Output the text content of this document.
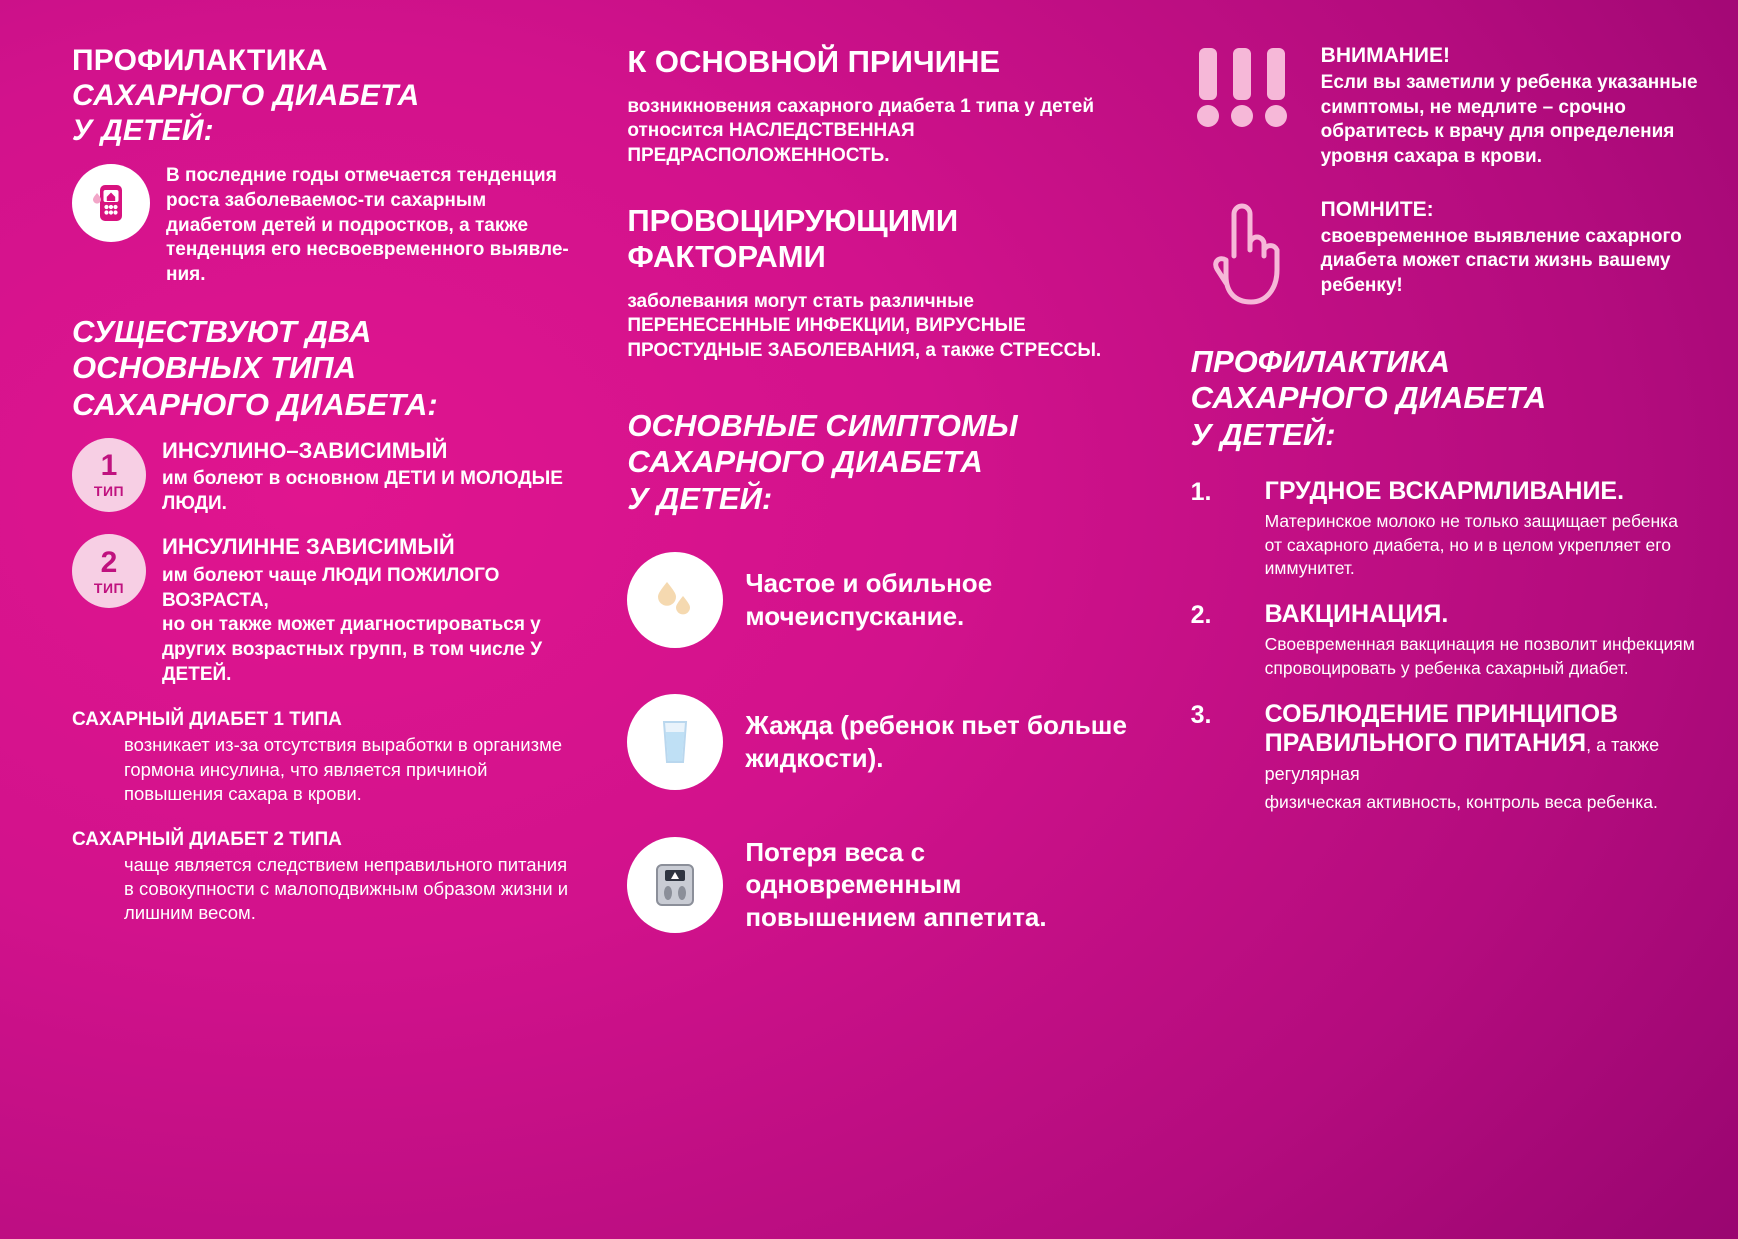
ПРОФИЛАКТИКА
САХАРНОГО ДИАБЕТА
У ДЕТЕЙ:

В последние годы отмечается тенденция роста заболеваемос-ти сахарным диабетом детей и подростков, а также тенденция его несвоевременного выявле-ния.

СУЩЕСТВУЮТ ДВА
ОСНОВНЫХ ТИПА
САХАРНОГО ДИАБЕТА:
1
ТИП
ИНСУЛИНО–ЗАВИСИМЫЙ

им болеют в основном ДЕТИ И МОЛОДЫЕ ЛЮДИ.

2
ТИП
ИНСУЛИННЕ ЗАВИСИМЫЙ

им болеют чаще ЛЮДИ ПОЖИЛОГО ВОЗРАСТА,

но он также может диагностироваться у других возрастных групп, в том числе У ДЕТЕЙ.

САХАРНЫЙ ДИАБЕТ 1 ТИПА

возникает из-за отсутствия выработки в организме гормона инсулина, что является причиной повышения сахара в крови.

САХАРНЫЙ ДИАБЕТ 2 ТИПА

чаще является следствием неправильного питания в совокупности с малоподвижным образом жизни и лишним весом.

К ОСНОВНОЙ ПРИЧИНЕ

возникновения сахарного диабета 1 типа у детей относится НАСЛЕДСТВЕННАЯ ПРЕДРАСПОЛОЖЕННОСТЬ.

ПРОВОЦИРУЮЩИМИ
ФАКТОРАМИ

заболевания могут стать различные ПЕРЕНЕСЕННЫЕ ИНФЕКЦИИ, ВИРУСНЫЕ ПРОСТУДНЫЕ ЗАБОЛЕВАНИЯ, а также СТРЕССЫ.

ОСНОВНЫЕ СИМПТОМЫ
САХАРНОГО ДИАБЕТА
У ДЕТЕЙ:

Частое и обильное мочеиспускание.

Жажда (ребенок пьет больше жидкости).

Потеря веса с одновременным повышением аппетита.

ВНИМАНИЕ!

Если вы заметили у ребенка указанные симптомы, не медлите – срочно обратитесь к врачу для определения уровня сахара в крови.

ПОМНИТЕ:

своевременное выявление сахарного диабета может спасти жизнь вашему ребенку!

ПРОФИЛАКТИКА
САХАРНОГО ДИАБЕТА
У ДЕТЕЙ:
1.	ГРУДНОЕ ВСКАРМЛИВАНИЕ.

Материнское молоко не только защищает ребенка от сахарного диабета, но и в целом укрепляет его иммунитет.

2.	ВАКЦИНАЦИЯ.

Своевременная вакцинация не позволит инфекциям спровоцировать у ребенка сахарный диабет.

3.	СОБЛЮДЕНИЕ ПРИНЦИПОВ ПРАВИЛЬНОГО ПИТАНИЯ, а также регулярная

физическая активность, контроль веса ребенка.
